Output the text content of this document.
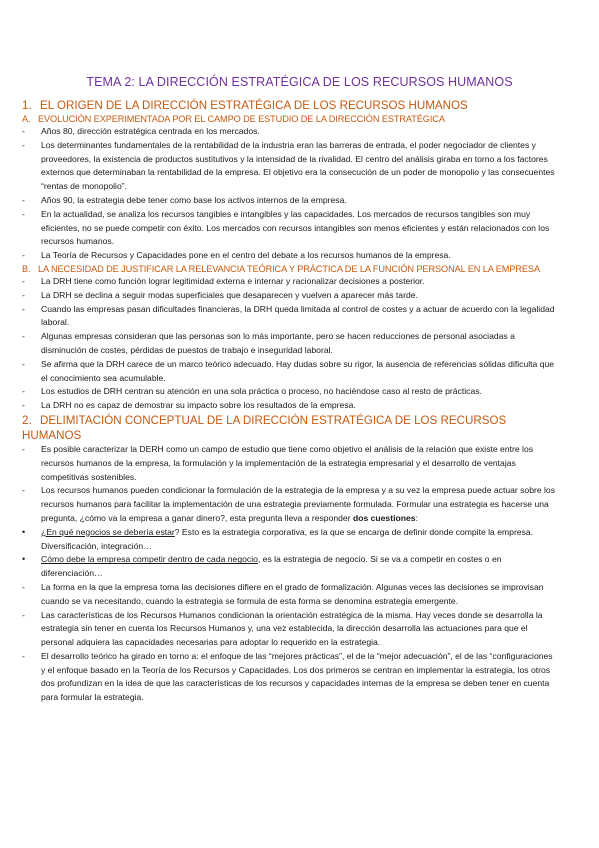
TEMA 2: LA DIRECCIÓN ESTRATÉGICA DE LOS RECURSOS HUMANOS

1. EL ORIGEN DE LA DIRECCIÓN ESTRATÉGICA DE LOS RECURSOS HUMANOS

A. EVOLUCIÓN EXPERIMENTADA POR EL CAMPO DE ESTUDIO DE LA DIRECCIÓN ESTRATÉGICA

-	Años 80, dirección estratégica centrada en los mercados.

-	Los determinantes fundamentales de la rentabilidad de la industria eran las barreras de entrada, el poder negociador de clientes y proveedores, la existencia de productos sustitutivos y la intensidad de la rivalidad. El centro del análisis giraba en torno a los factores externos que determinaban la rentabilidad de la empresa. El objetivo era la consecución de un poder de monopolio y las consecuentes “rentas de monopolio”.

-	Años 90, la estrategia debe tener como base los activos internos de la empresa.

-	En la actualidad, se analiza los recursos tangibles e intangibles y las capacidades. Los mercados de recursos tangibles son muy eficientes, no se puede competir con éxito. Los mercados con recursos intangibles son menos eficientes y están relacionados con los recursos humanos.

-	La Teoría de Recursos y Capacidades pone en el centro del debate a los recursos humanos de la empresa.

B. LA NECESIDAD DE JUSTIFICAR LA RELEVANCIA TEÓRICA Y PRÁCTICA DE LA FUNCIÓN PERSONAL EN LA EMPRESA

-	La DRH tiene como función lograr legitimidad externa e internar y racionalizar decisiones a posterior.

-	La DRH se declina a seguir modas superficiales que desaparecen y vuelven a aparecer más tarde.

-	Cuando las empresas pasan dificultades financieras, la DRH queda limitada al control de costes y a actuar de acuerdo con la legalidad laboral.

-	Algunas empresas consideran que las personas son lo más importante, pero se hacen reducciones de personal asociadas a disminución de costes, pérdidas de puestos de trabajo e inseguridad laboral.

-	Se afirma que la DRH carece de un marco teórico adecuado. Hay dudas sobre su rigor, la ausencia de referencias sólidas dificulta que el conocimiento sea acumulable.

-	Los estudios de DRH centran su atención en una sola práctica o proceso, no haciéndose caso al resto de prácticas.

-	La DRH no es capaz de demostrar su impacto sobre los resultados de la empresa.

2. DELIMITACIÓN CONCEPTUAL DE LA DIRECCIÓN ESTRATÉGICA DE LOS RECURSOS HUMANOS

-	Es posible caracterizar la DERH como un campo de estudio que tiene como objetivo el análisis de la relación que existe entre los recursos humanos de la empresa, la formulación y la implementación de la estrategia empresarial y el desarrollo de ventajas competitivas sostenibles.

-	Los recursos humanos pueden condicionar la formulación de la estrategia de la empresa y a su vez la empresa puede actuar sobre los recursos humanos para facilitar la implementación de una estrategia previamente formulada. Formular una estrategia es hacerse una pregunta, ¿cómo va la empresa a ganar dinero?, esta pregunta lleva a responder dos cuestiones:

•	¿En qué negocios se debería estar? Esto es la estrategia corporativa, es la que se encarga de definir donde compite la empresa. Diversificación, integración…

•	Cómo debe la empresa competir dentro de cada negocio, es la estrategia de negocio. Si se va a competir en costes o en diferenciación…

-	La forma en la que la empresa toma las decisiones difiere en el grado de formalización. Algunas veces las decisiones se improvisan cuando se va necesitando, cuando la estrategia se formula de esta forma se denomina estrategia emergente.

-	Las características de los Recursos Humanos condicionan la orientación estratégica de la misma. Hay veces donde se desarrolla la estrategia sin tener en cuenta los Recursos Humanos y, una vez establecida, la dirección desarrolla las actuaciones para que el personal adquiera las capacidades necesarias para adoptar lo requerido en la estrategia.

-	El desarrollo teórico ha girado en torno a: el enfoque de las “mejores prácticas”, el de la “mejor adecuación”, el de las “configuraciones y el enfoque basado en la Teoría de los Recursos y Capacidades. Los dos primeros se centran en implementar la estrategia, los otros dos profundizan en la idea de que las características de los recursos y capacidades internas de la empresa se deben tener en cuenta para formular la estrategia.
